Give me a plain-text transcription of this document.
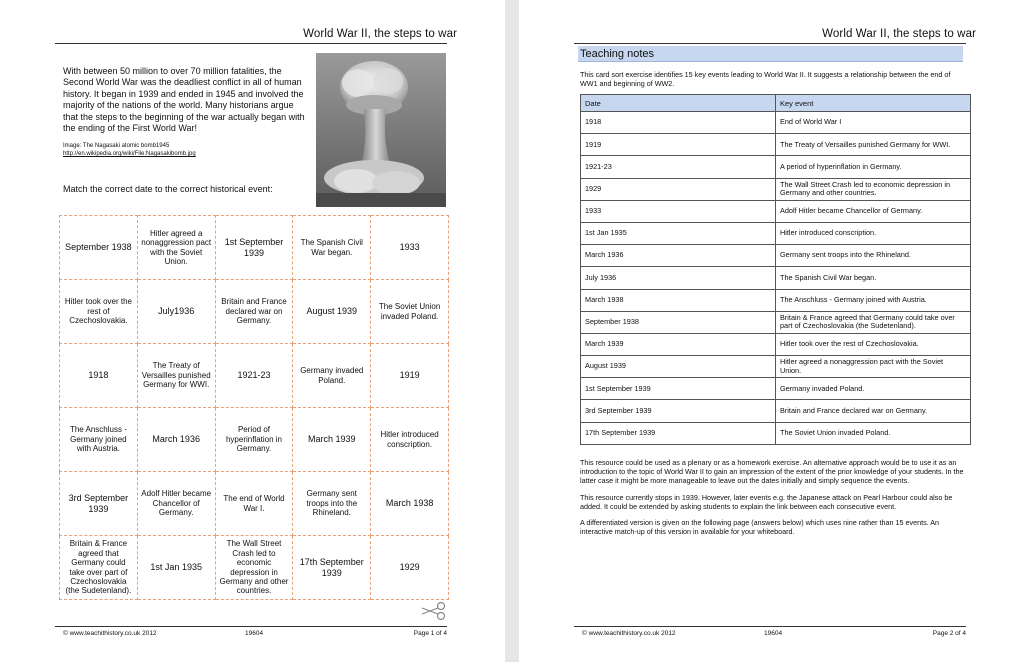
World War II, the steps to war
With between 50 million to over 70 million fatalities, the Second World War was the deadliest conflict in all of human history. It began in 1939 and ended in 1945 and involved the majority of the nations of the world. Many historians argue that the steps to the beginning of the war actually began with the ending of the First World War!
Image: The Nagasaki atomic bomb1945
http://en.wikipedia.org/wiki/File:Nagasakibomb.jpg
Match the correct date to the correct historical event:
September 1938	Hitler agreed a nonaggression pact with the Soviet Union.	1st September 1939	The Spanish Civil War began.	1933
Hitler took over the rest of Czechoslovakia.	July1936	Britain and France declared war on Germany.	August 1939	The Soviet Union invaded Poland.
1918	The Treaty of Versailles punished Germany for WWI.	1921-23	Germany invaded Poland.	1919
The Anschluss - Germany joined with Austria.	March 1936	Period of hyperinflation in Germany.	March 1939	Hitler introduced conscription.
3rd September 1939	Adolf Hitler became Chancellor of Germany.	The end of World War I.	Germany sent troops into the Rhineland.	March 1938
Britain & France agreed that Germany could take over part of Czechoslovakia (the Sudetenland).	1st Jan 1935	The Wall Street Crash led to economic depression in Germany and other countries.	17th September 1939	1929
© www.teachithistory.co.uk 2012	19604	Page 1 of 4
World War II, the steps to war
© www.teachithistory.co.uk 2012	19604	Page 2 of 4
Teaching notes
This card sort exercise identifies 15 key events leading to World War II. It suggests a relationship between the end of WW1 and beginning of WW2.
Date	Key event
1918	End of World War I
1919	The Treaty of Versailles punished Germany for WWI.
1921-23	A period of hyperinflation in Germany.
1929	The Wall Street Crash led to economic depression in Germany and other countries.
1933	Adolf Hitler became Chancellor of Germany.
1st Jan 1935	Hitler introduced conscription.
March 1936	Germany sent troops into the Rhineland.
July 1936	The Spanish Civil War began.
March 1938	The Anschluss - Germany joined with Austria.
September 1938	Britain & France agreed that Germany could take over part of Czechoslovakia (the Sudetenland).
March 1939	Hitler took over the rest of Czechoslovakia.
August 1939	Hitler agreed a nonaggression pact with the Soviet Union.
1st September 1939	Germany invaded Poland.
3rd September 1939	Britain and France declared war on Germany.
17th September 1939	The Soviet Union invaded Poland.

This resource could be used as a plenary or as a homework exercise. An alternative approach would be to use it as an introduction to the topic of World War II to gain an impression of the extent of the prior knowledge of your students. In the latter case it might be more manageable to leave out the dates initially and simply sequence the events.

This resource currently stops in 1939. However, later events e.g. the Japanese attack on Pearl Harbour could also be added. It could be extended by asking students to explain the link between each consecutive event.

A differentiated version is given on the following page (answers below) which uses nine rather than 15 events. An interactive match-up of this version in available for your whiteboard.
